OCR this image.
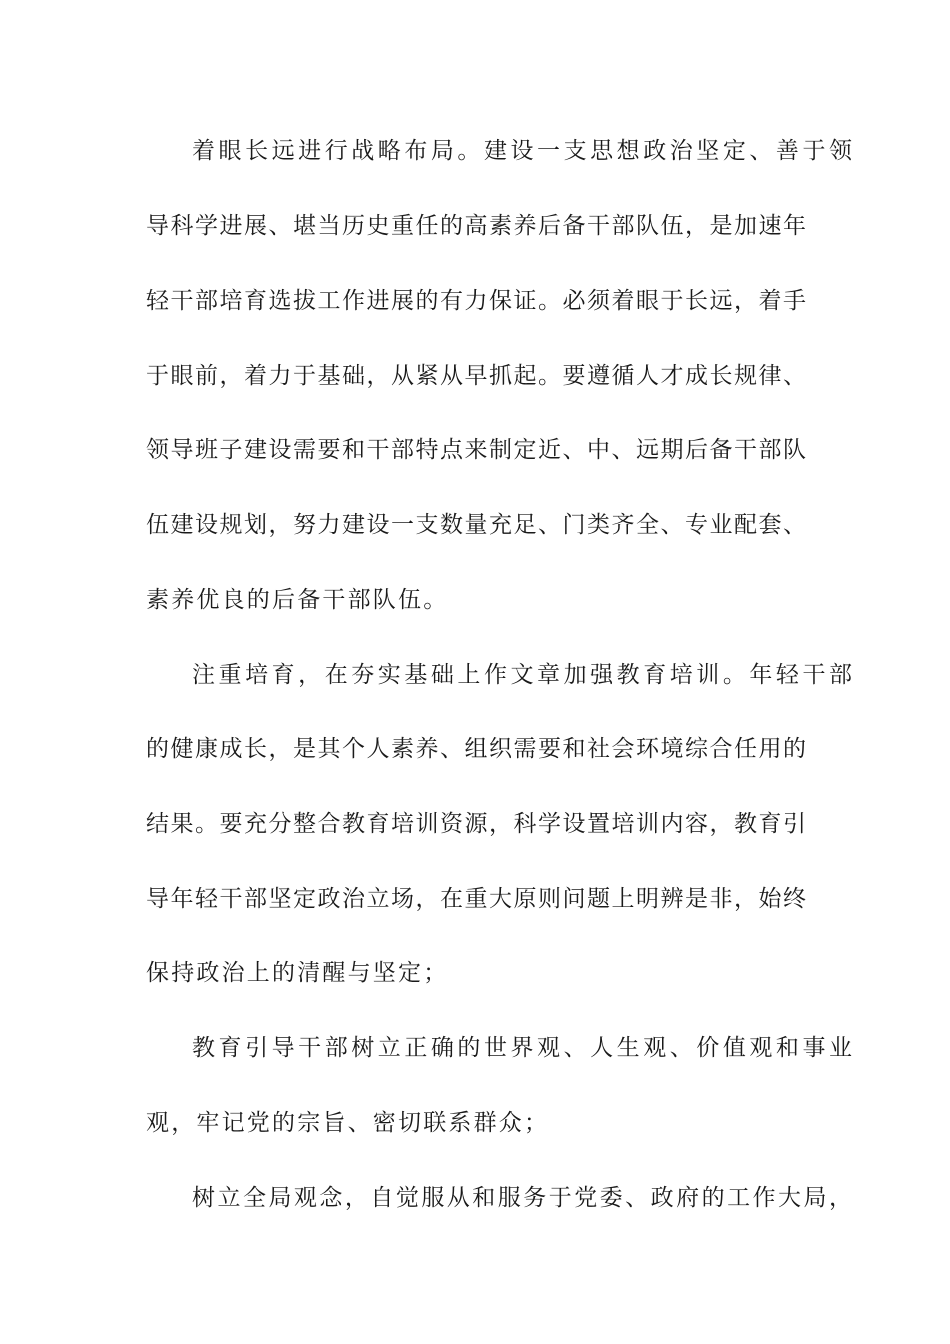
着眼长远进行战略布局。建设一支思想政治坚定、善于领
导科学进展、堪当历史重任的高素养后备干部队伍，是加速年
轻干部培育选拔工作进展的有力保证。必须着眼于长远，着手
于眼前，着力于基础，从紧从早抓起。要遵循人才成长规律、
领导班子建设需要和干部特点来制定近、中、远期后备干部队
伍建设规划，努力建设一支数量充足、门类齐全、专业配套、
素养优良的后备干部队伍。
注重培育，在夯实基础上作文章加强教育培训。年轻干部
的健康成长，是其个人素养、组织需要和社会环境综合任用的
结果。要充分整合教育培训资源，科学设置培训内容，教育引
导年轻干部坚定政治立场，在重大原则问题上明辨是非，始终
保持政治上的清醒与坚定；
教育引导干部树立正确的世界观、人生观、价值观和事业
观，牢记党的宗旨、密切联系群众；
树立全局观念，自觉服从和服务于党委、政府的工作大局，
